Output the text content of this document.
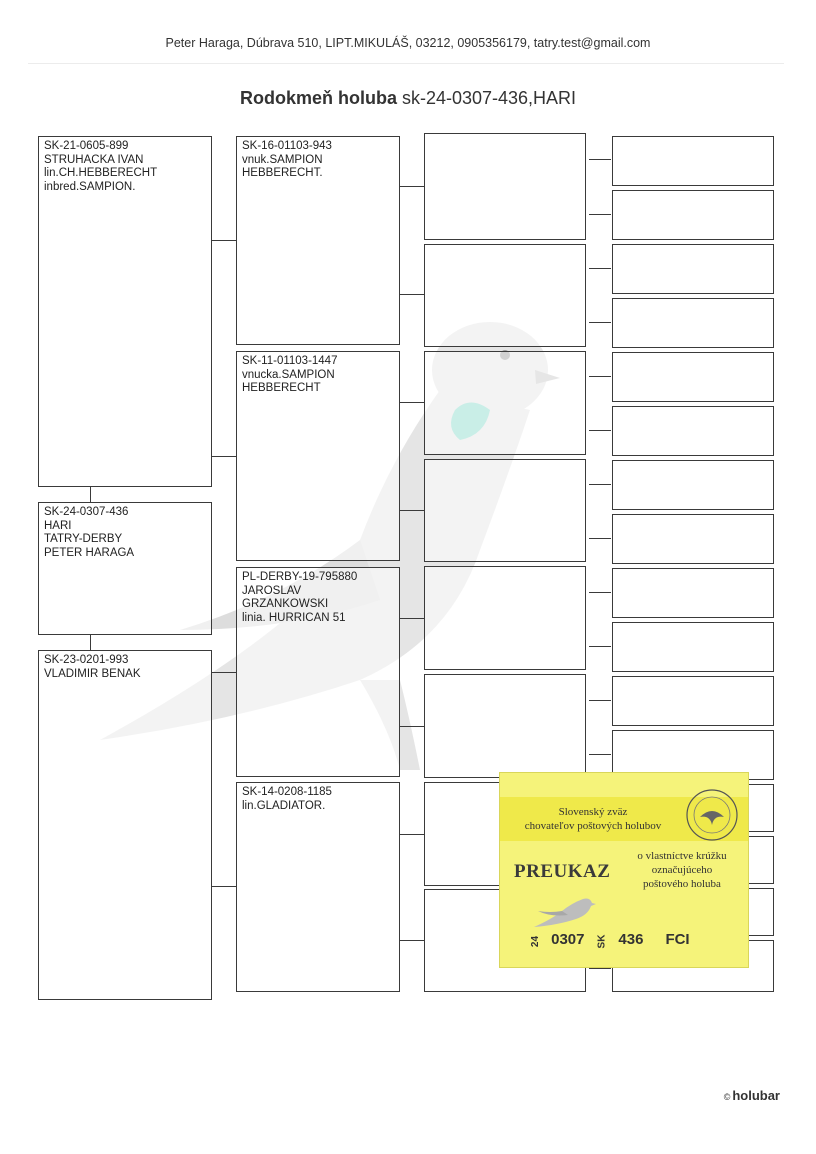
Peter Haraga, Dúbrava 510, LIPT.MIKULÁŠ, 03212, 0905356179, tatry.test@gmail.com
Rodokmeň holuba sk-24-0307-436,HARI
SK-21-0605-899
STRUHACKA IVAN
lin.CH.HEBBERECHT
inbred.SAMPION.
SK-24-0307-436
HARI
TATRY-DERBY
PETER HARAGA
SK-23-0201-993
VLADIMIR BENAK
SK-16-01103-943
vnuk.SAMPION
HEBBERECHT.
SK-11-01103-1447
vnucka.SAMPION
HEBBERECHT
PL-DERBY-19-795880
JAROSLAV
GRZANKOWSKI
linia. HURRICAN 51
SK-14-0208-1185
lin.GLADIATOR.
Slovenský zväz
chovateľov poštových holubov
PREUKAZ
o vlastníctve krúžku
označujúceho
poštového holuba
24 0307 SK 436 FCI
© holubar
